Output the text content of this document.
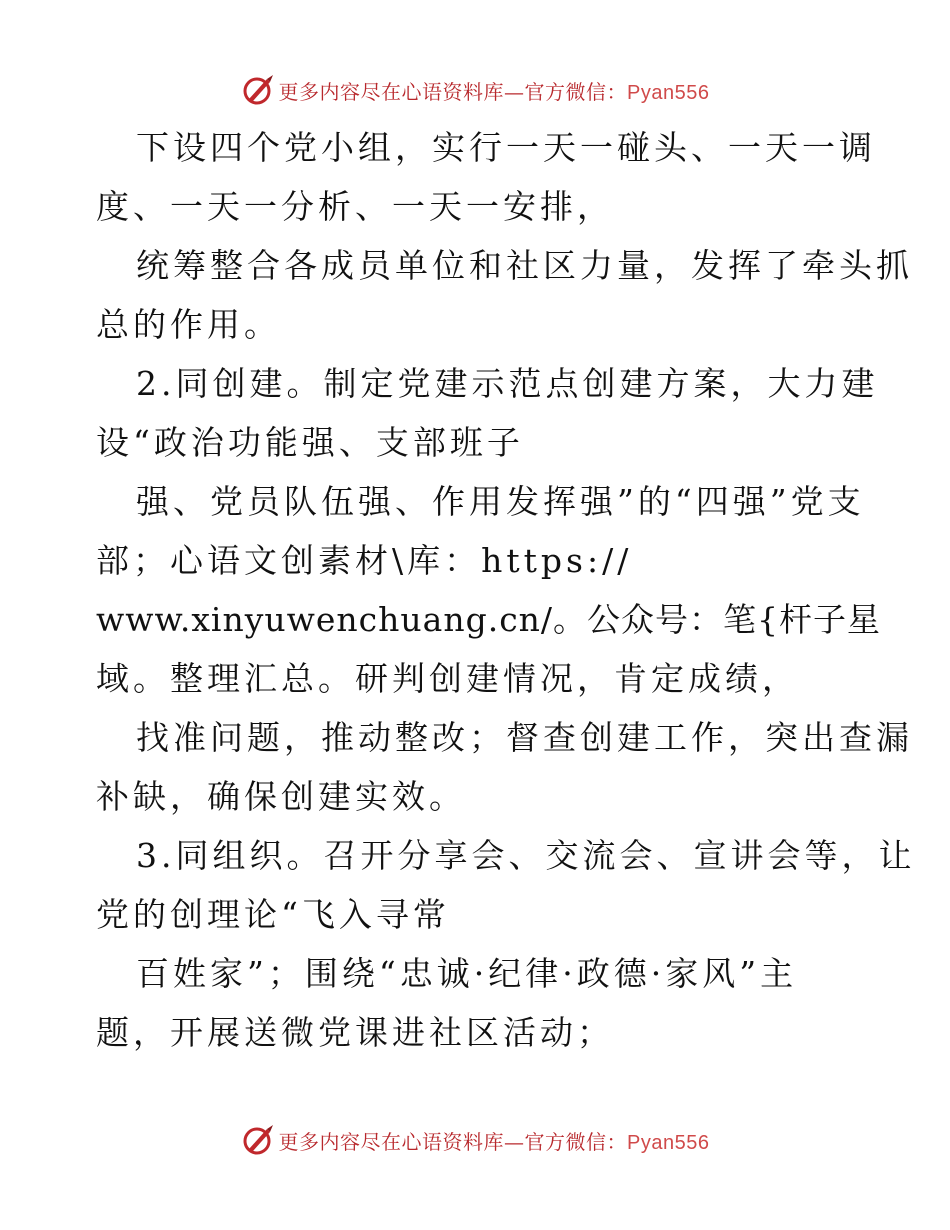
更多内容尽在心语资料库—官方微信：Pyan556
下设四个党小组，实行一天一碰头、一天一调
度、一天一分析、一天一安排，
统筹整合各成员单位和社区力量，发挥了牵头抓
总的作用。
2.同创建。制定党建示范点创建方案，大力建
设“政治功能强、支部班子
强、党员队伍强、作用发挥强”的“四强”党支
部；心语文创素材\库：https://
www.xinyuwenchuang.cn/。公众号：笔{杆子星
域。整理汇总。研判创建情况，肯定成绩，
找准问题，推动整改；督查创建工作，突出查漏
补缺，确保创建实效。
3.同组织。召开分享会、交流会、宣讲会等，让
党的创理论“飞入寻常
百姓家”；围绕“忠诚·纪律·政德·家风”主
题，开展送微党课进社区活动；
更多内容尽在心语资料库—官方微信：Pyan556
